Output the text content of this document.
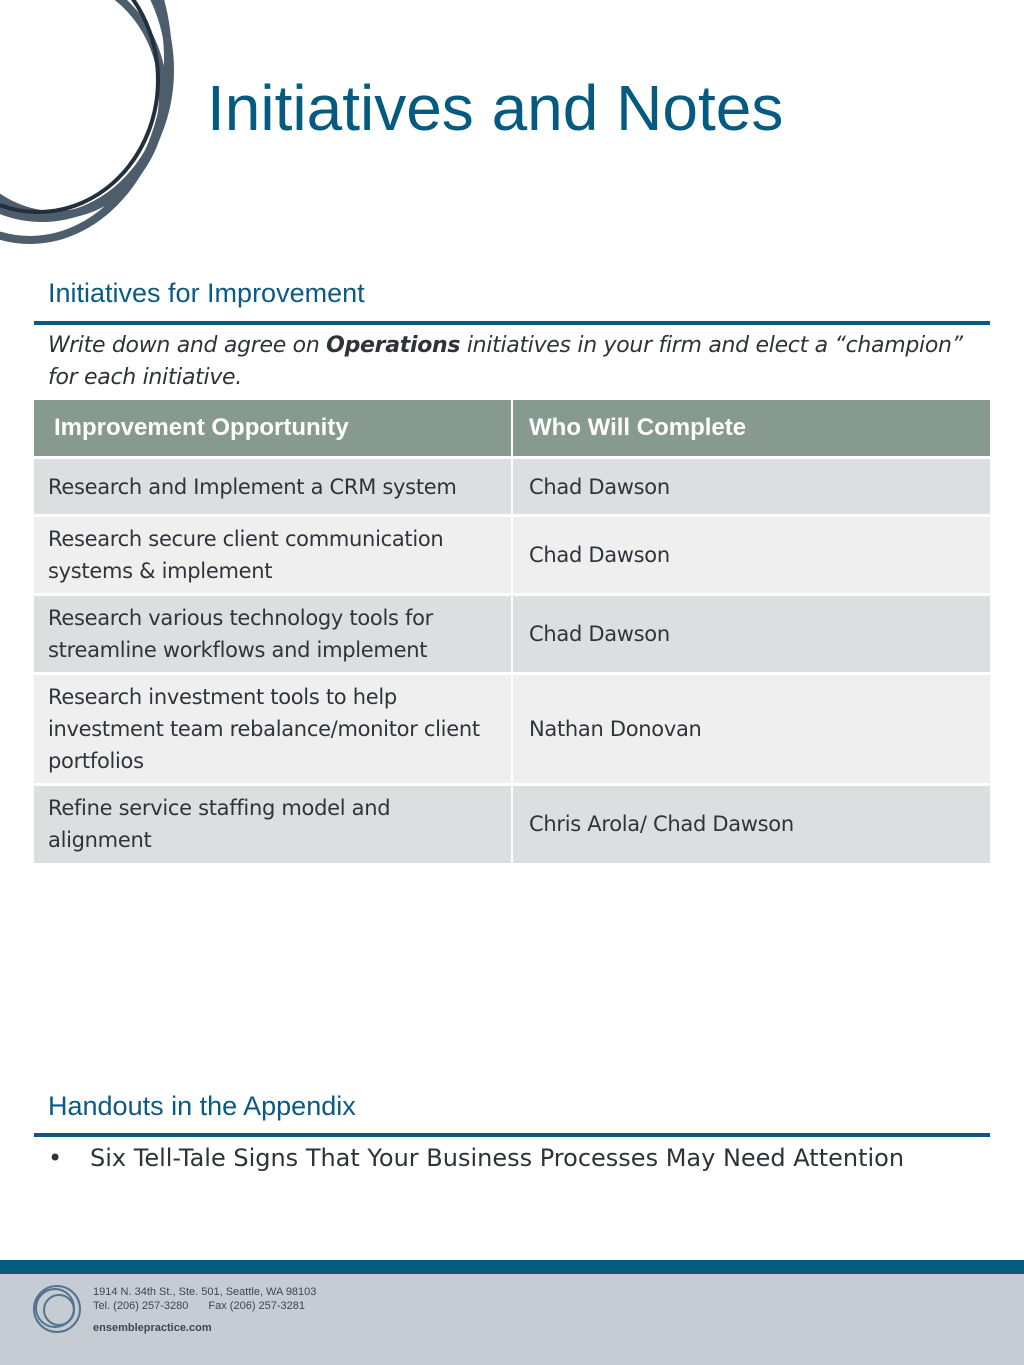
Initiatives and Notes
Initiatives for Improvement

Write down and agree on Operations initiatives in your firm and elect a “champion” for each initiative.

Improvement Opportunity	Who Will Complete
Research and Implement a CRM system	Chad Dawson
Research secure client communication systems & implement	Chad Dawson
Research various technology tools for streamline workflows and implement	Chad Dawson
Research investment tools to help investment team rebalance/monitor client portfolios	Nathan Donovan
Refine service staffing model and alignment	Chris Arola/ Chad Dawson
Handouts in the Appendix
• Six Tell-Tale Signs That Your Business Processes May Need Attention
1914 N. 34th St., Ste. 501, Seattle, WA 98103
Tel. (206) 257-3280 Fax (206) 257-3281
ensemblepractice.com
